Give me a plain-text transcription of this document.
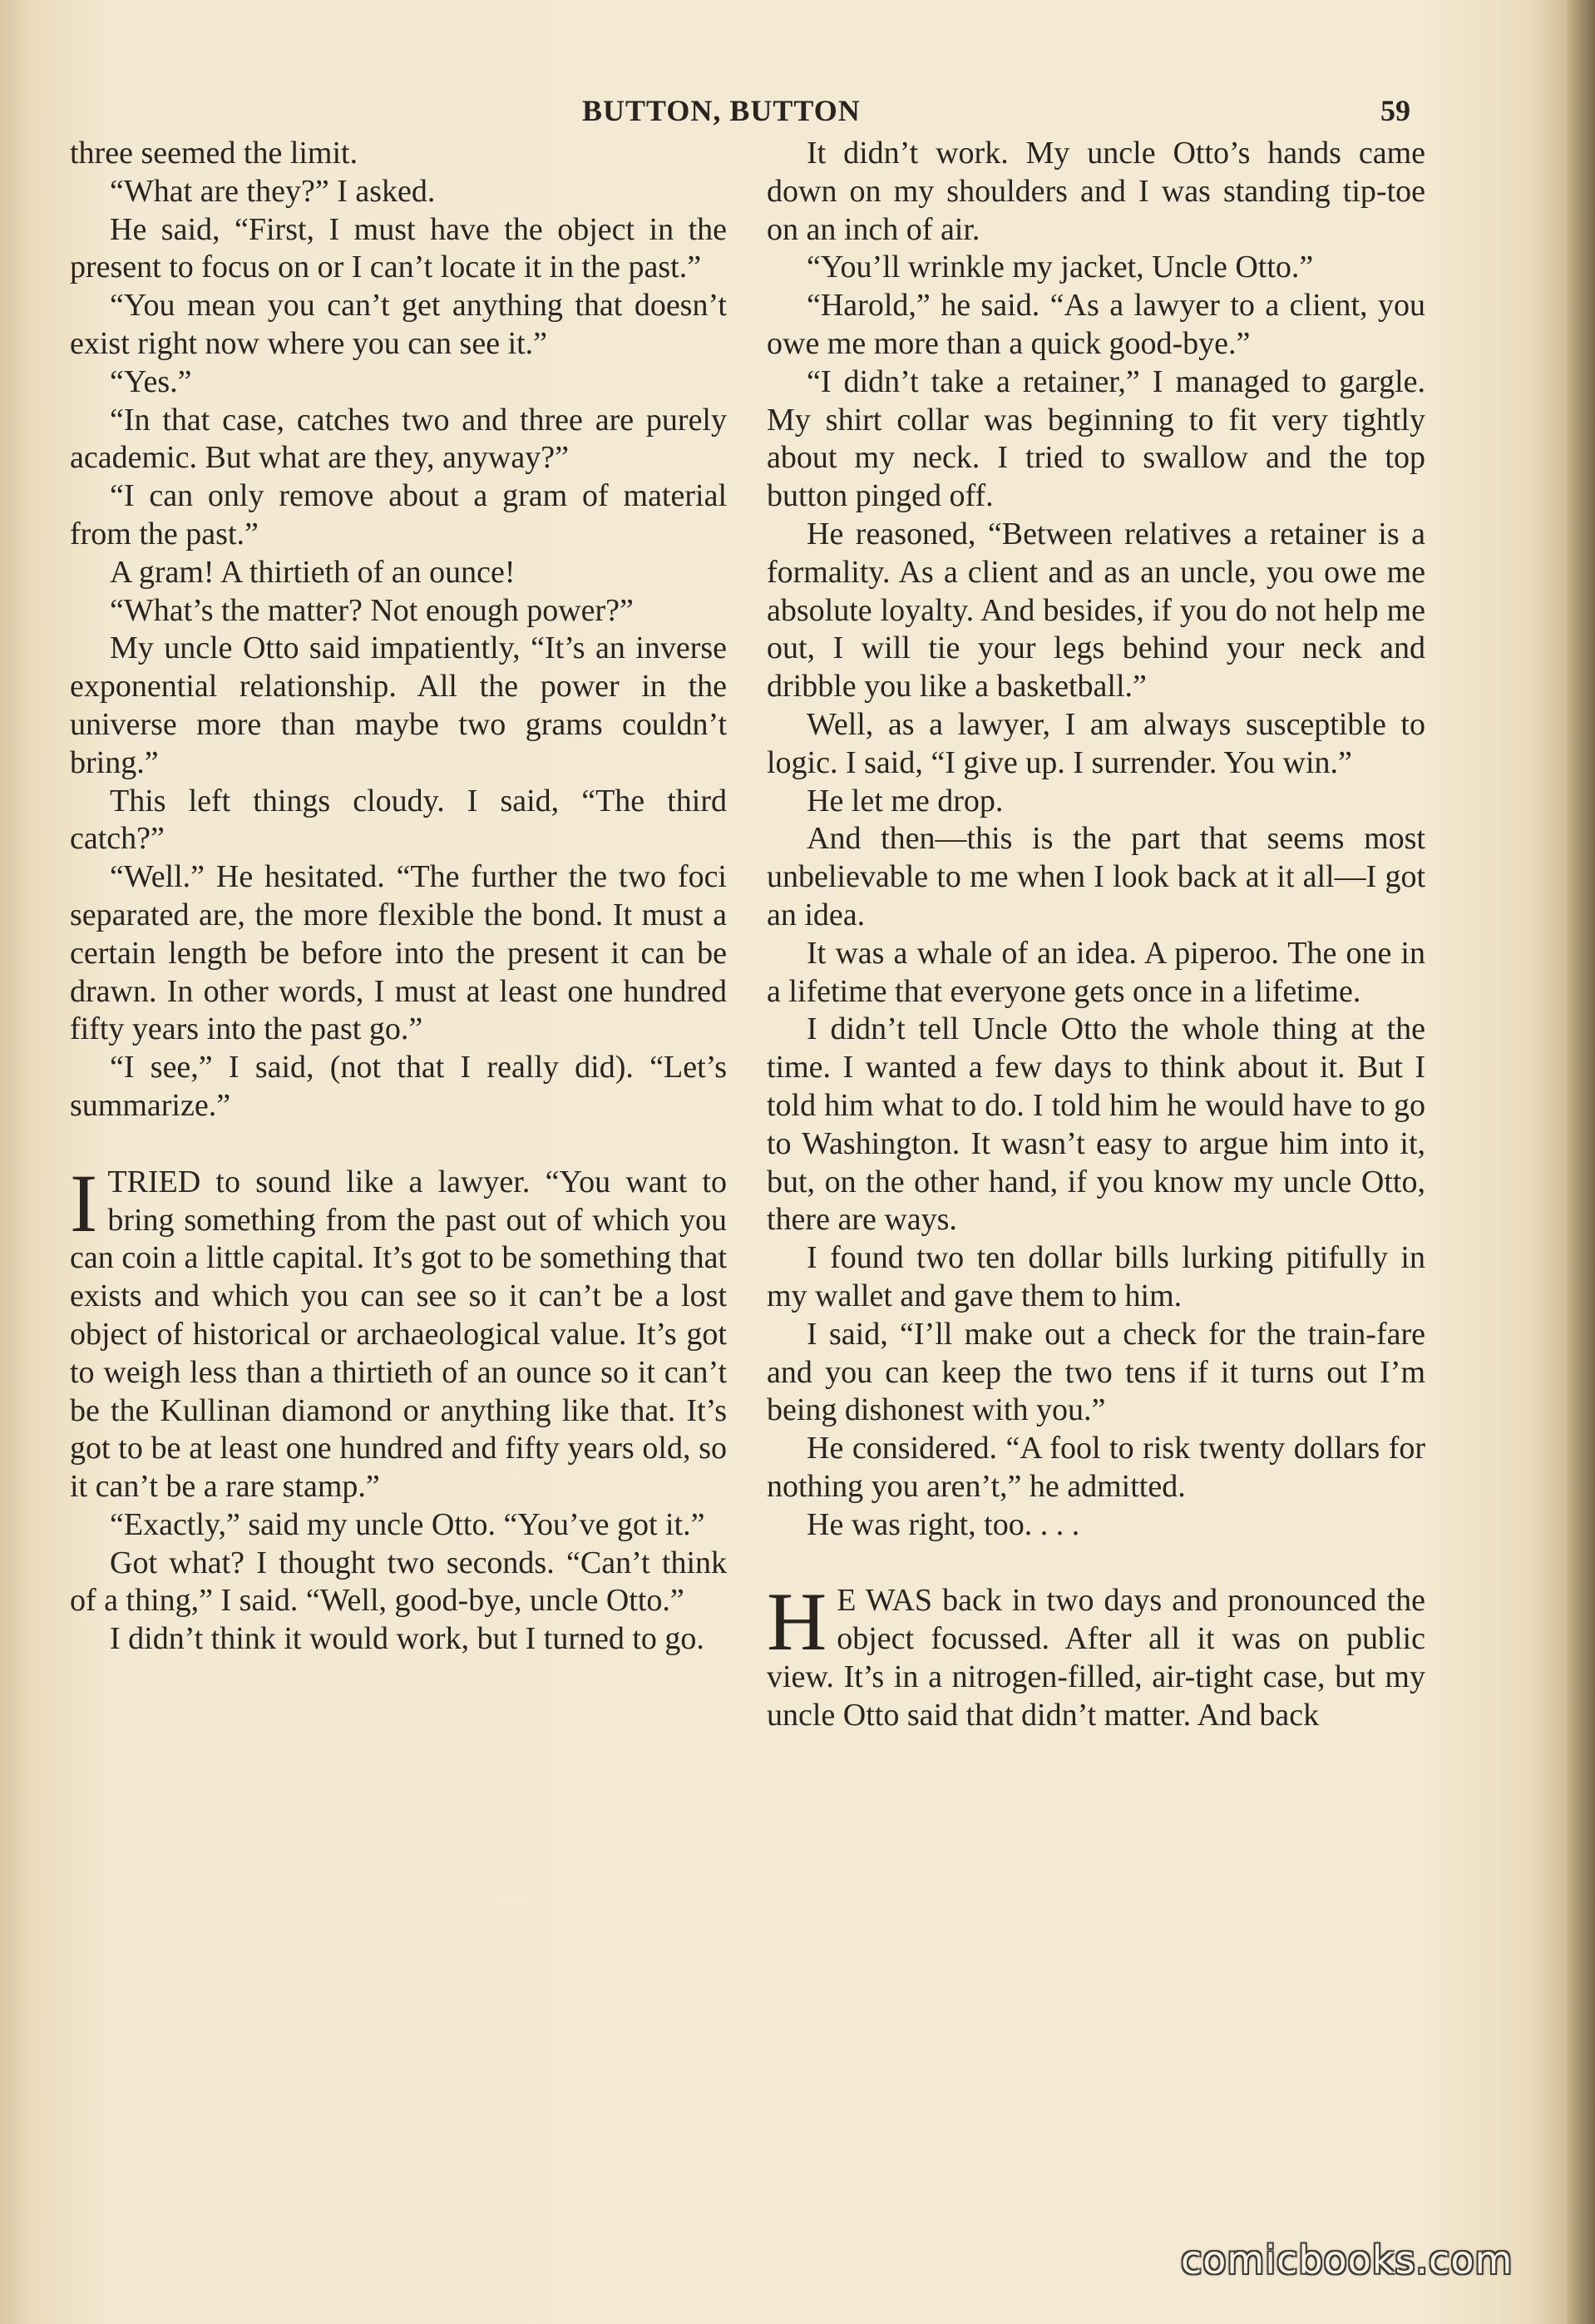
BUTTON, BUTTON	59

three seemed the limit.

“What are they?” I asked.

He said, “First, I must have the object in the present to focus on or I can’t locate it in the past.”

“You mean you can’t get anything that doesn’t exist right now where you can see it.”

“Yes.”

“In that case, catches two and three are purely academic. But what are they, anyway?”

“I can only remove about a gram of material from the past.”

A gram! A thirtieth of an ounce!

“What’s the matter? Not enough power?”

My uncle Otto said impatiently, “It’s an inverse exponential relationship. All the power in the universe more than maybe two grams couldn’t bring.”

This left things cloudy. I said, “The third catch?”

“Well.” He hesitated. “The further the two foci separated are, the more flexible the bond. It must a certain length be before into the present it can be drawn. In other words, I must at least one hundred fifty years into the past go.”

“I see,” I said, (not that I really did). “Let’s summarize.”

ITRIED to sound like a lawyer. “You want to bring something from the past out of which you can coin a little capital. It’s got to be something that exists and which you can see so it can’t be a lost object of historical or archaeological value. It’s got to weigh less than a thirtieth of an ounce so it can’t be the Kullinan diamond or anything like that. It’s got to be at least one hundred and fifty years old, so it can’t be a rare stamp.”

“Exactly,” said my uncle Otto. “You’ve got it.”

Got what? I thought two seconds. “Can’t think of a thing,” I said. “Well, good-bye, uncle Otto.”

I didn’t think it would work, but I turned to go.

It didn’t work. My uncle Otto’s hands came down on my shoulders and I was standing tip-toe on an inch of air.

“You’ll wrinkle my jacket, Uncle Otto.”

“Harold,” he said. “As a lawyer to a client, you owe me more than a quick good-bye.”

“I didn’t take a retainer,” I managed to gargle. My shirt collar was beginning to fit very tightly about my neck. I tried to swallow and the top button pinged off.

He reasoned, “Between relatives a retainer is a formality. As a client and as an uncle, you owe me absolute loyalty. And besides, if you do not help me out, I will tie your legs behind your neck and dribble you like a basketball.”

Well, as a lawyer, I am always susceptible to logic. I said, “I give up. I surrender. You win.”

He let me drop.

And then—this is the part that seems most unbelievable to me when I look back at it all—I got an idea.

It was a whale of an idea. A piperoo. The one in a lifetime that everyone gets once in a lifetime.

I didn’t tell Uncle Otto the whole thing at the time. I wanted a few days to think about it. But I told him what to do. I told him he would have to go to Washington. It wasn’t easy to argue him into it, but, on the other hand, if you know my uncle Otto, there are ways.

I found two ten dollar bills lurking pitifully in my wallet and gave them to him.

I said, “I’ll make out a check for the train-fare and you can keep the two tens if it turns out I’m being dishonest with you.”

He considered. “A fool to risk twenty dollars for nothing you aren’t,” he admitted.

He was right, too. . . .

H E WAS back in two days and pronounced the object focussed. After all it was on public view. It’s in a nitrogen-filled, air-tight case, but my uncle Otto said that didn’t matter. And back

comicbooks.com
